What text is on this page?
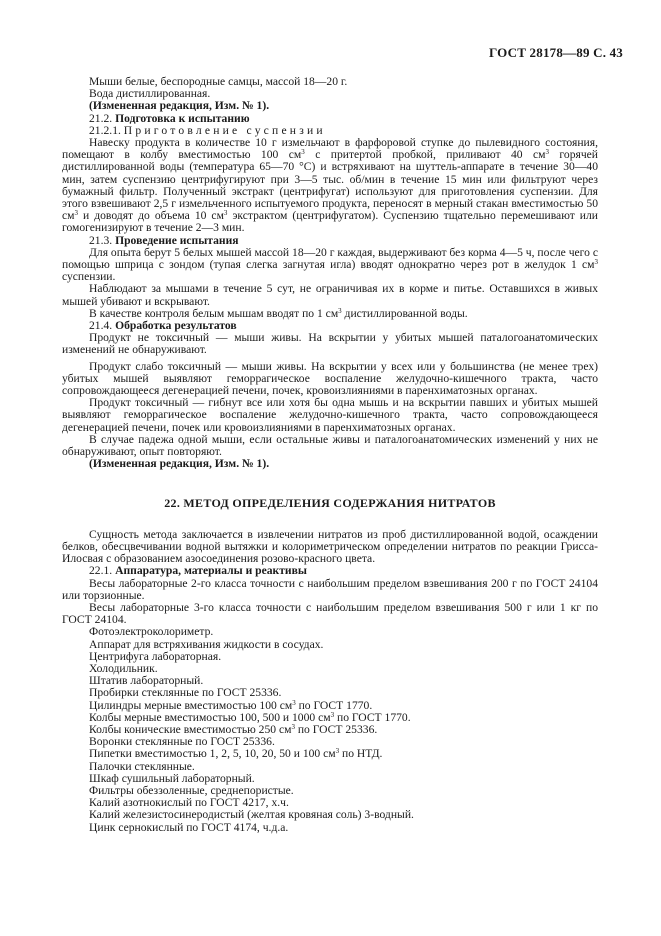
ГОСТ 28178—89 С. 43

Мыши белые, беспородные самцы, массой 18—20 г.

Вода дистиллированная.

(Измененная редакция, Изм. № 1).

21.2. Подготовка к испытанию

21.2.1. Приготовление суспензии

Навеску продукта в количестве 10 г измельчают в фарфоровой ступке до пылевидного состояния, помещают в колбу вместимостью 100 $см^3$ с притертой пробкой, приливают 40 $см^3$ горячей дистиллированной воды (температура 65—70 °С) и встряхивают на шуттель-аппарате в течение 30—40 мин, затем суспензию центрифугируют при 3—5 тыс. об/мин в течение 15 мин или фильтруют через бумажный фильтр. Полученный экстракт (центрифугат) используют для приготовления суспензии. Для этого взвешивают 2,5 г измельченного испытуемого продукта, переносят в мерный стакан вместимостью 50 $см^3$ и доводят до объема 10 $см^3$ экстрактом (центрифугатом). Суспензию тщательно перемешивают или гомогенизируют в течение 2—3 мин.

21.3. Проведение испытания

Для опыта берут 5 белых мышей массой 18—20 г каждая, выдерживают без корма 4—5 ч, после чего с помощью шприца с зондом (тупая слегка загнутая игла) вводят однократно через рот в желудок 1 $см^3$ суспензии.

Наблюдают за мышами в течение 5 сут, не ограничивая их в корме и питье. Оставшихся в живых мышей убивают и вскрывают.

В качестве контроля белым мышам вводят по 1 $см^3$ дистиллированной воды.

21.4. Обработка результатов

Продукт не токсичный — мыши живы. На вскрытии у убитых мышей паталогоанатомических изменений не обнаруживают.

Продукт слабо токсичный — мыши живы. На вскрытии у всех или у большинства (не менее трех) убитых мышей выявляют геморрагическое воспаление желудочно-кишечного тракта, часто сопровождающееся дегенерацией печени, почек, кровоизлияниями в паренхиматозных органах.

Продукт токсичный — гибнут все или хотя бы одна мышь и на вскрытии павших и убитых мышей выявляют геморрагическое воспаление желудочно-кишечного тракта, часто сопровождающееся дегенерацией печени, почек или кровоизлияниями в паренхиматозных органах.

В случае падежа одной мыши, если остальные живы и паталогоанатомических изменений у них не обнаруживают, опыт повторяют.

(Измененная редакция, Изм. № 1).

22. МЕТОД ОПРЕДЕЛЕНИЯ СОДЕРЖАНИЯ НИТРАТОВ

Сущность метода заключается в извлечении нитратов из проб дистиллированной водой, осаждении белков, обесцвечивании водной вытяжки и колориметрическом определении нитратов по реакции Грисса-Илосвая с образованием азосоединения розово-красного цвета.

22.1. Аппаратура, материалы и реактивы

Весы лабораторные 2-го класса точности с наибольшим пределом взвешивания 200 г по ГОСТ 24104 или торзионные.

Весы лабораторные 3-го класса точности с наибольшим пределом взвешивания 500 г или 1 кг по ГОСТ 24104.

Фотоэлектроколориметр.

Аппарат для встряхивания жидкости в сосудах.

Центрифуга лабораторная.

Холодильник.

Штатив лабораторный.

Пробирки стеклянные по ГОСТ 25336.

Цилиндры мерные вместимостью 100 $см^3$ по ГОСТ 1770.

Колбы мерные вместимостью 100, 500 и 1000 $см^3$ по ГОСТ 1770.

Колбы конические вместимостью 250 $см^3$ по ГОСТ 25336.

Воронки стеклянные по ГОСТ 25336.

Пипетки вместимостью 1, 2, 5, 10, 20, 50 и 100 $см^3$ по НТД.

Палочки стеклянные.

Шкаф сушильный лабораторный.

Фильтры обеззоленные, среднепористые.

Калий азотнокислый по ГОСТ 4217, х.ч.

Калий железистосинеродистый (желтая кровяная соль) 3-водный.

Цинк сернокислый по ГОСТ 4174, ч.д.а.
